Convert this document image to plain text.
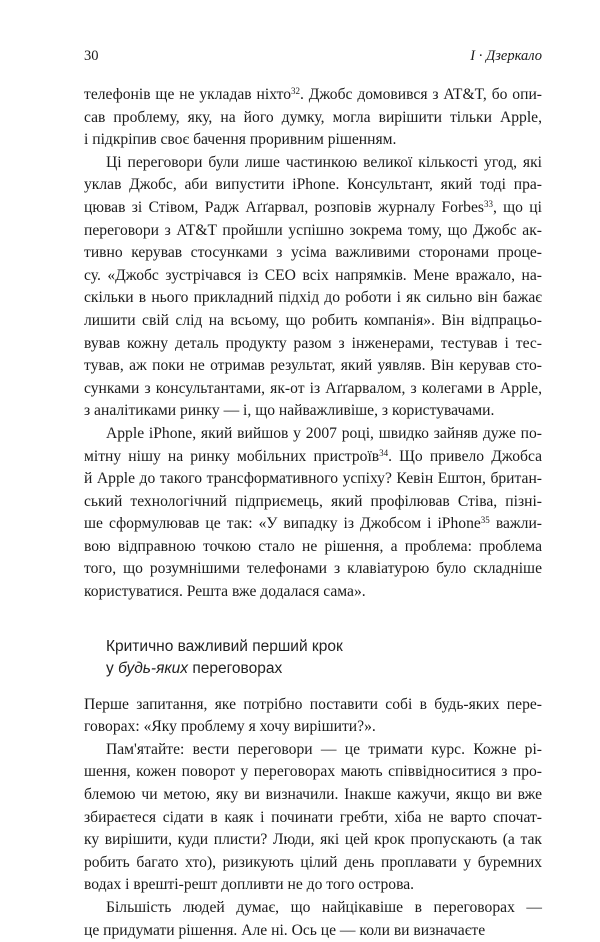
30	І · Дзеркало

телефонів ще не укладав ніхто$^{32}$. Джобс домовився з AT&T, бо опи-
сав проблему, яку, на його думку, могла вирішити тільки Apple,
і підкріпив своє бачення проривним рішенням.

Ці переговори були лише частинкою великої кількості угод, які
уклав Джобс, аби випустити iPhone. Консультант, який тоді пра-
цював зі Стівом, Радж Аґґарвал, розповів журналу Forbes$^{33}$, що ці
переговори з AT&T пройшли успішно зокрема тому, що Джобс ак-
тивно керував стосунками з усіма важливими сторонами проце-
су. «Джобс зустрічався із CEO всіх напрямків. Мене вражало, на-
скільки в нього прикладний підхід до роботи і як сильно він бажає
лишити свій слід на всьому, що робить компанія». Він відпрацьо-
вував кожну деталь продукту разом з інженерами, тестував і тес-
тував, аж поки не отримав результат, який уявляв. Він керував сто-
сунками з консультантами, як-от із Аґґарвалом, з колегами в Apple,
з аналітиками ринку — і, що найважливіше, з користувачами.

Apple iPhone, який вийшов у 2007 році, швидко зайняв дуже по-
мітну нішу на ринку мобільних пристроїв$^{34}$. Що привело Джобса
й Apple до такого трансформативного успіху? Кевін Ештон, британ-
ський технологічний підприємець, який профілював Стіва, пізні-
ше сформулював це так: «У випадку із Джобсом і iPhone$^{35}$ важли-
вою відправною точкою стало не рішення, а проблема: проблема
того, що розумнішими телефонами з клавіатурою було складніше
користуватися. Решта вже додалася сама».

Критично важливий перший крок
у будь-яких переговорах

Перше запитання, яке потрібно поставити собі в будь-яких пере-
говорах: «Яку проблему я хочу вирішити?».

Пам'ятайте: вести переговори — це тримати курс. Кожне рі-
шення, кожен поворот у переговорах мають співвідноситися з про-
блемою чи метою, яку ви визначили. Інакше кажучи, якщо ви вже
збираєтеся сідати в каяк і починати гребти, хіба не варто спочат-
ку вирішити, куди плисти? Люди, які цей крок пропускають (а так
робить багато хто), ризикують цілий день проплавати у буремних
водах і врешті-решт допливти не до того острова.

Більшість людей думає, що найцікавіше в переговорах —
це придумати рішення. Але ні. Ось це — коли ви визначаєте
